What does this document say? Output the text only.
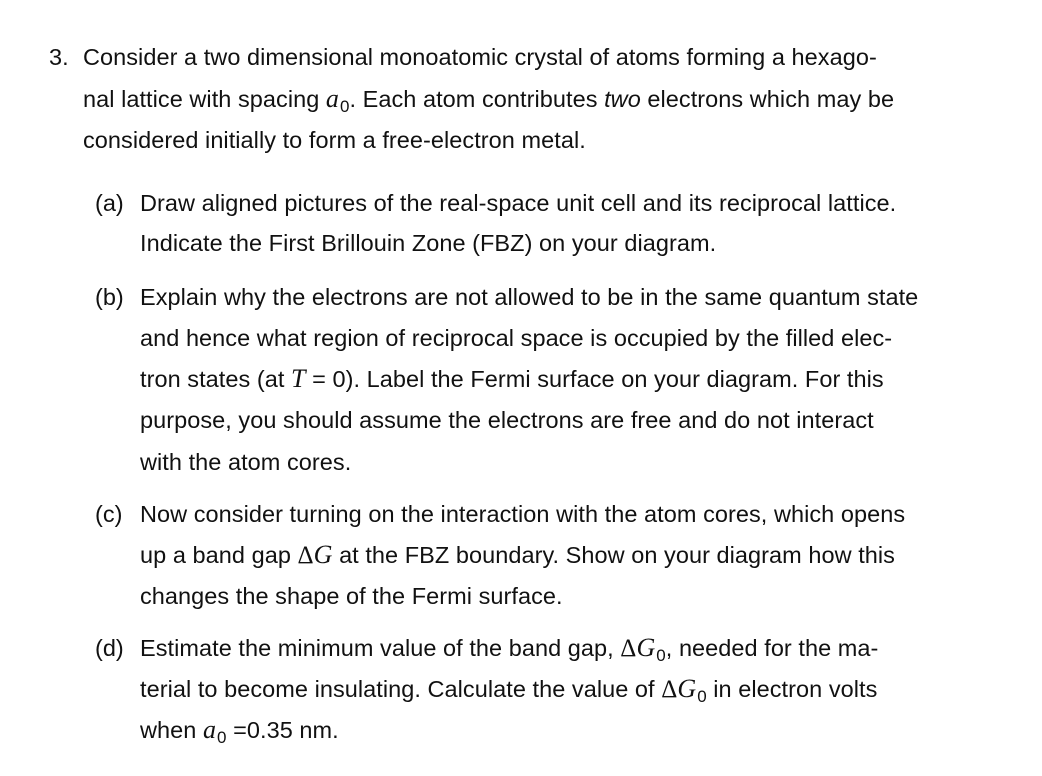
3. Consider a two dimensional monoatomic crystal of atoms forming a hexago-
nal lattice with spacing $a_0$. Each atom contributes two electrons which may be
considered initially to form a free-electron metal.
(a) Draw aligned pictures of the real-space unit cell and its reciprocal lattice.
Indicate the First Brillouin Zone (FBZ) on your diagram.
(b) Explain why the electrons are not allowed to be in the same quantum state
and hence what region of reciprocal space is occupied by the filled elec-
tron states (at T = 0). Label the Fermi surface on your diagram. For this
purpose, you should assume the electrons are free and do not interact
with the atom cores.
(c) Now consider turning on the interaction with the atom cores, which opens
up a band gap ΔG at the FBZ boundary. Show on your diagram how this
changes the shape of the Fermi surface.
(d) Estimate the minimum value of the band gap, $\Delta G_0$, needed for the ma-
terial to become insulating. Calculate the value of $\Delta G_0$ in electron volts
when $a_0 =0.35$ nm.
